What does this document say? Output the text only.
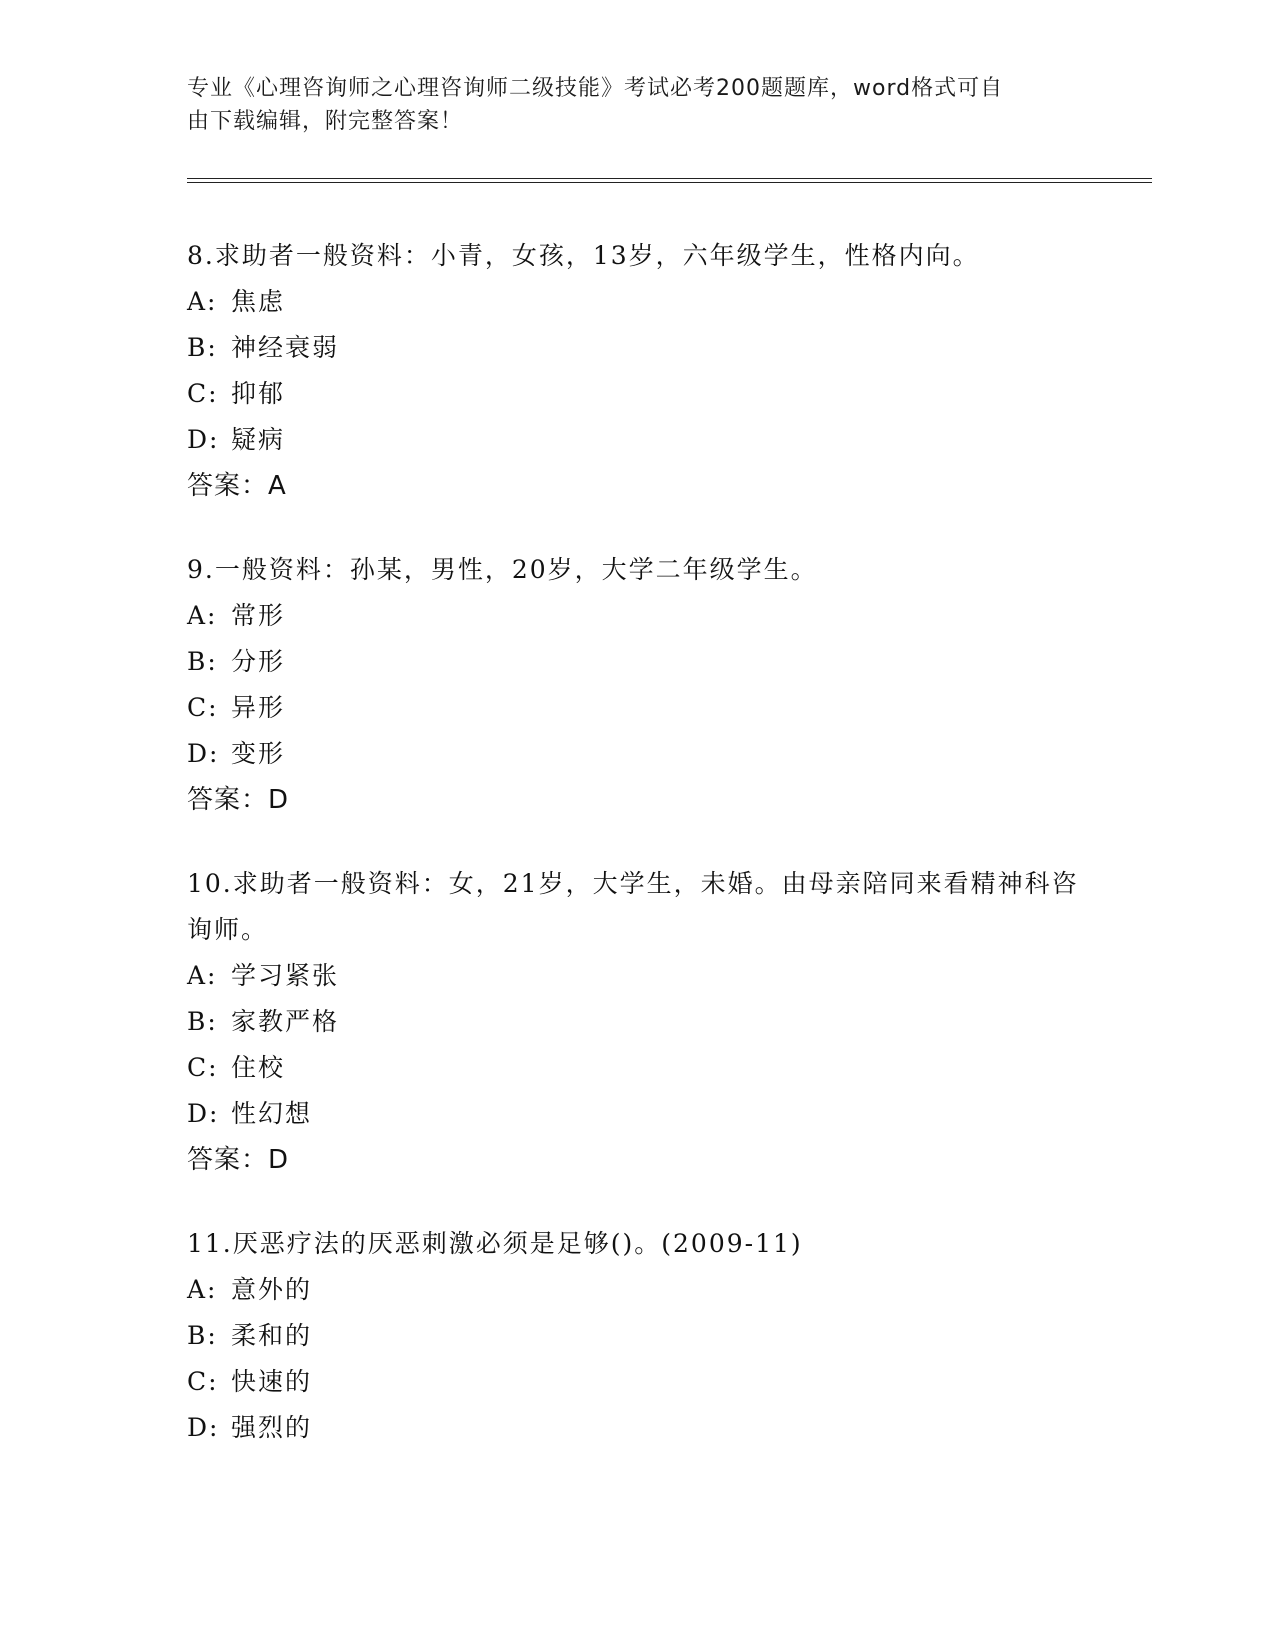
专业《心理咨询师之心理咨询师二级技能》考试必考200题题库，word格式可自
由下载编辑，附完整答案！

8.求助者一般资料：小青，女孩，13岁，六年级学生，性格内向。

A: 焦虑

B: 神经衰弱

C: 抑郁

D: 疑病

答案：A

9.一般资料：孙某，男性，20岁，大学二年级学生。

A: 常形

B: 分形

C: 异形

D: 变形

答案：D

10.求助者一般资料：女，21岁，大学生，未婚。由母亲陪同来看精神科咨询师。

A: 学习紧张

B: 家教严格

C: 住校

D: 性幻想

答案：D

11.厌恶疗法的厌恶刺激必须是足够()。(2009-11)

A: 意外的

B: 柔和的

C: 快速的

D: 强烈的
